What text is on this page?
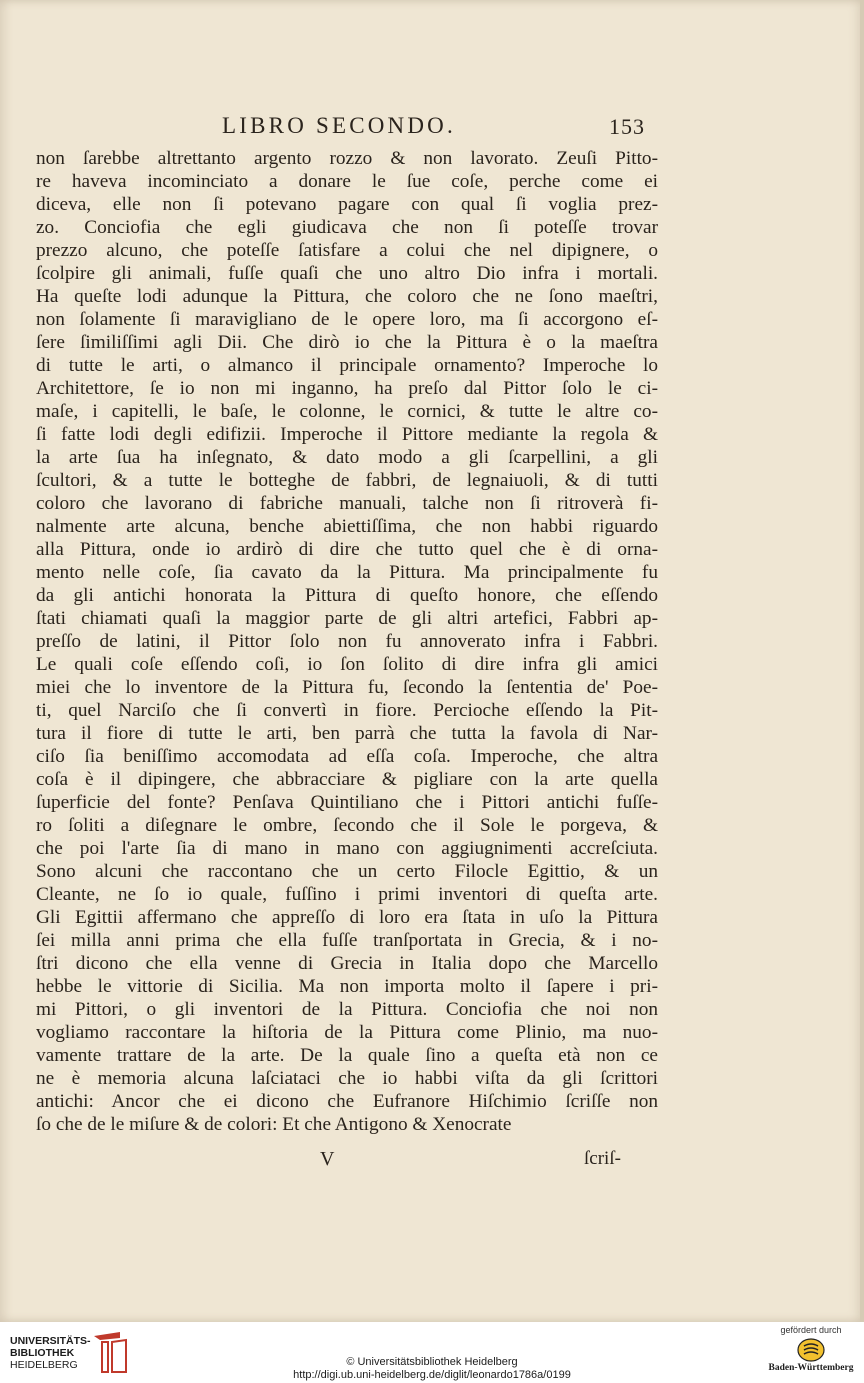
LIBRO SECONDO.	153
non ſarebbe altrettanto argento rozzo & non lavorato. Zeuſi Pitto-
re haveva incominciato a donare le ſue coſe, perche come ei
diceva, elle non ſi potevano pagare con qual ſi voglia prez-
zo. Conciofia che egli giudicava che non ſi poteſſe trovar
prezzo alcuno, che poteſſe ſatisfare a colui che nel dipignere, o
ſcolpire gli animali, fuſſe quaſi che uno altro Dio infra i mortali.
Ha queſte lodi adunque la Pittura, che coloro che ne ſono maeſtri,
non ſolamente ſi maravigliano de le opere loro, ma ſi accorgono eſ-
ſere ſimiliſſimi agli Dii. Che dirò io che la Pittura è o la maeſtra
di tutte le arti, o almanco il principale ornamento? Imperoche lo
Architettore, ſe io non mi inganno, ha preſo dal Pittor ſolo le ci-
maſe, i capitelli, le baſe, le colonne, le cornici, & tutte le altre co-
ſi fatte lodi degli edifizii. Imperoche il Pittore mediante la regola &
la arte ſua ha inſegnato, & dato modo a gli ſcarpellini, a gli
ſcultori, & a tutte le botteghe de fabbri, de legnaiuoli, & di tutti
coloro che lavorano di fabriche manuali, talche non ſi ritroverà fi-
nalmente arte alcuna, benche abiettiſſima, che non habbi riguardo
alla Pittura, onde io ardirò di dire che tutto quel che è di orna-
mento nelle coſe, ſia cavato da la Pittura. Ma principalmente fu
da gli antichi honorata la Pittura di queſto honore, che eſſendo
ſtati chiamati quaſi la maggior parte de gli altri artefici, Fabbri ap-
preſſo de latini, il Pittor ſolo non fu annoverato infra i Fabbri.
Le quali coſe eſſendo coſi, io ſon ſolito di dire infra gli amici
miei che lo inventore de la Pittura fu, ſecondo la ſententia de' Poe-
ti, quel Narciſo che ſi convertì in fiore. Percioche eſſendo la Pit-
tura il fiore di tutte le arti, ben parrà che tutta la favola di Nar-
ciſo ſia beniſſimo accomodata ad eſſa coſa. Imperoche, che altra
coſa è il dipingere, che abbracciare & pigliare con la arte quella
ſuperficie del fonte? Penſava Quintiliano che i Pittori antichi fuſſe-
ro ſoliti a diſegnare le ombre, ſecondo che il Sole le porgeva, &
che poi l'arte ſia di mano in mano con aggiugnimenti accreſciuta.
Sono alcuni che raccontano che un certo Filocle Egittio, & un
Cleante, ne ſo io quale, fuſſino i primi inventori di queſta arte.
Gli Egittii affermano che appreſſo di loro era ſtata in uſo la Pittura
ſei milla anni prima che ella fuſſe tranſportata in Grecia, & i no-
ſtri dicono che ella venne di Grecia in Italia dopo che Marcello
hebbe le vittorie di Sicilia. Ma non importa molto il ſapere i pri-
mi Pittori, o gli inventori de la Pittura. Conciofia che noi non
vogliamo raccontare la hiſtoria de la Pittura come Plinio, ma nuo-
vamente trattare de la arte. De la quale ſino a queſta età non ce
ne è memoria alcuna laſciataci che io habbi viſta da gli ſcrittori
antichi: Ancor che ei dicono che Eufranore Hiſchimio ſcriſſe non
ſo che de le miſure & de colori: Et che Antigono & Xenocrate
V	ſcriſ-
UNIVERSITÄTS-
BIBLIOTHEK
HEIDELBERG	© Universitätsbibliothek Heidelberg
http://digi.ub.uni-heidelberg.de/diglit/leonardo1786a/0199
gefördert durch
Baden-Württemberg
